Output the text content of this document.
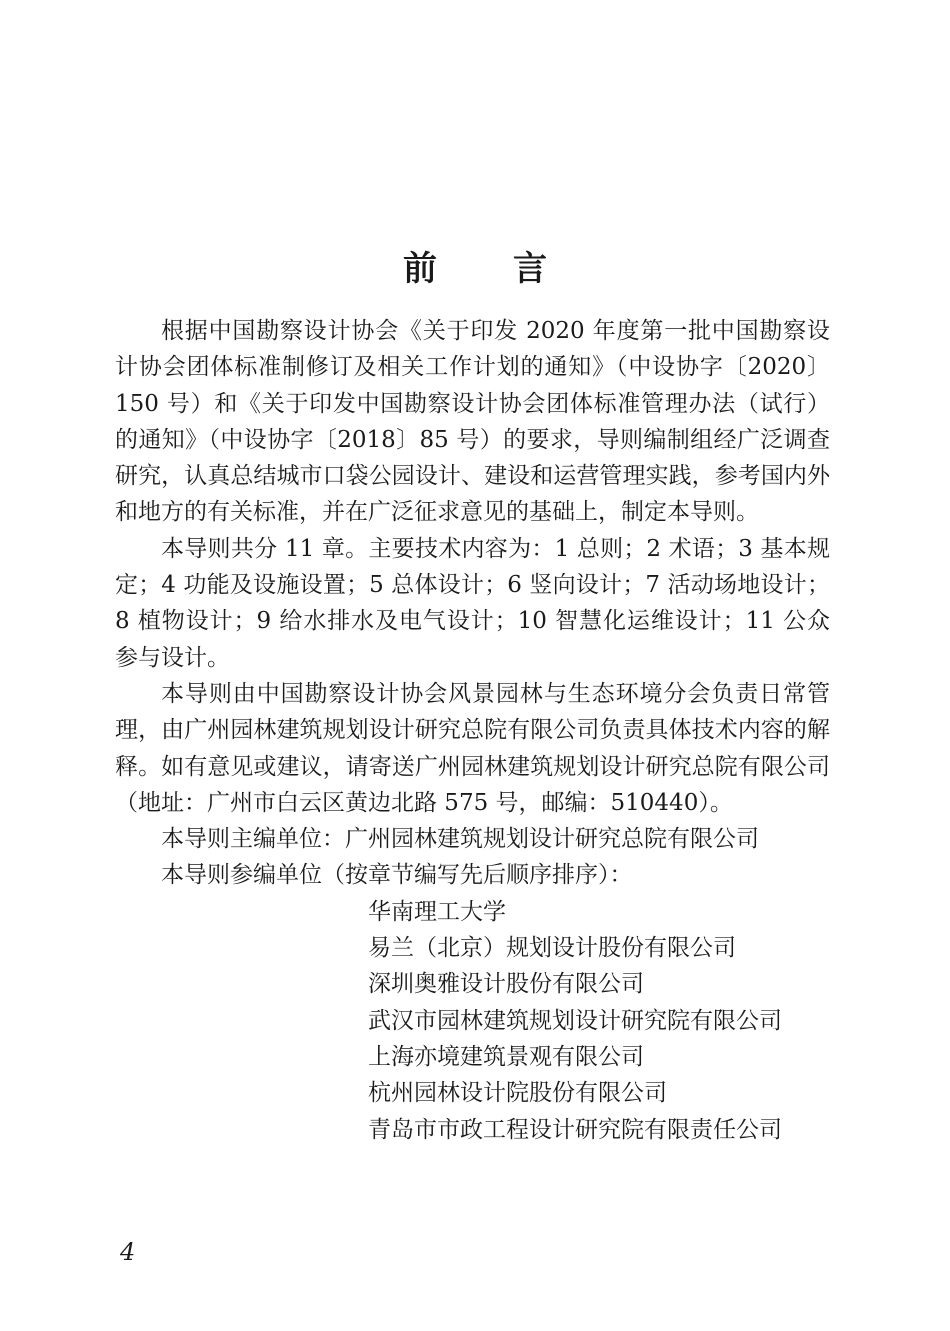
前言

根据中国勘察设计协会《关于印发 2020 年度第一批中国勘察设计协会团体标准制修订及相关工作计划的通知》（中设协字〔2020〕150 号）和《关于印发中国勘察设计协会团体标准管理办法（试行）的通知》（中设协字〔2018〕85 号）的要求，导则编制组经广泛调查研究，认真总结城市口袋公园设计、建设和运营管理实践，参考国内外和地方的有关标准，并在广泛征求意见的基础上，制定本导则。

本导则共分 11 章。主要技术内容为：1 总则；2 术语；3 基本规定；4 功能及设施设置；5 总体设计；6 竖向设计；7 活动场地设计；8 植物设计；9 给水排水及电气设计；10 智慧化运维设计；11 公众参与设计。

本导则由中国勘察设计协会风景园林与生态环境分会负责日常管理，由广州园林建筑规划设计研究总院有限公司负责具体技术内容的解释。如有意见或建议，请寄送广州园林建筑规划设计研究总院有限公司（地址：广州市白云区黄边北路 575 号，邮编：510440）。

本导则主编单位：广州园林建筑规划设计研究总院有限公司

本导则参编单位（按章节编写先后顺序排序）：

华南理工大学
易兰（北京）规划设计股份有限公司
深圳奥雅设计股份有限公司
武汉市园林建筑规划设计研究院有限公司
上海亦境建筑景观有限公司
杭州园林设计院股份有限公司
青岛市市政工程设计研究院有限责任公司
4
